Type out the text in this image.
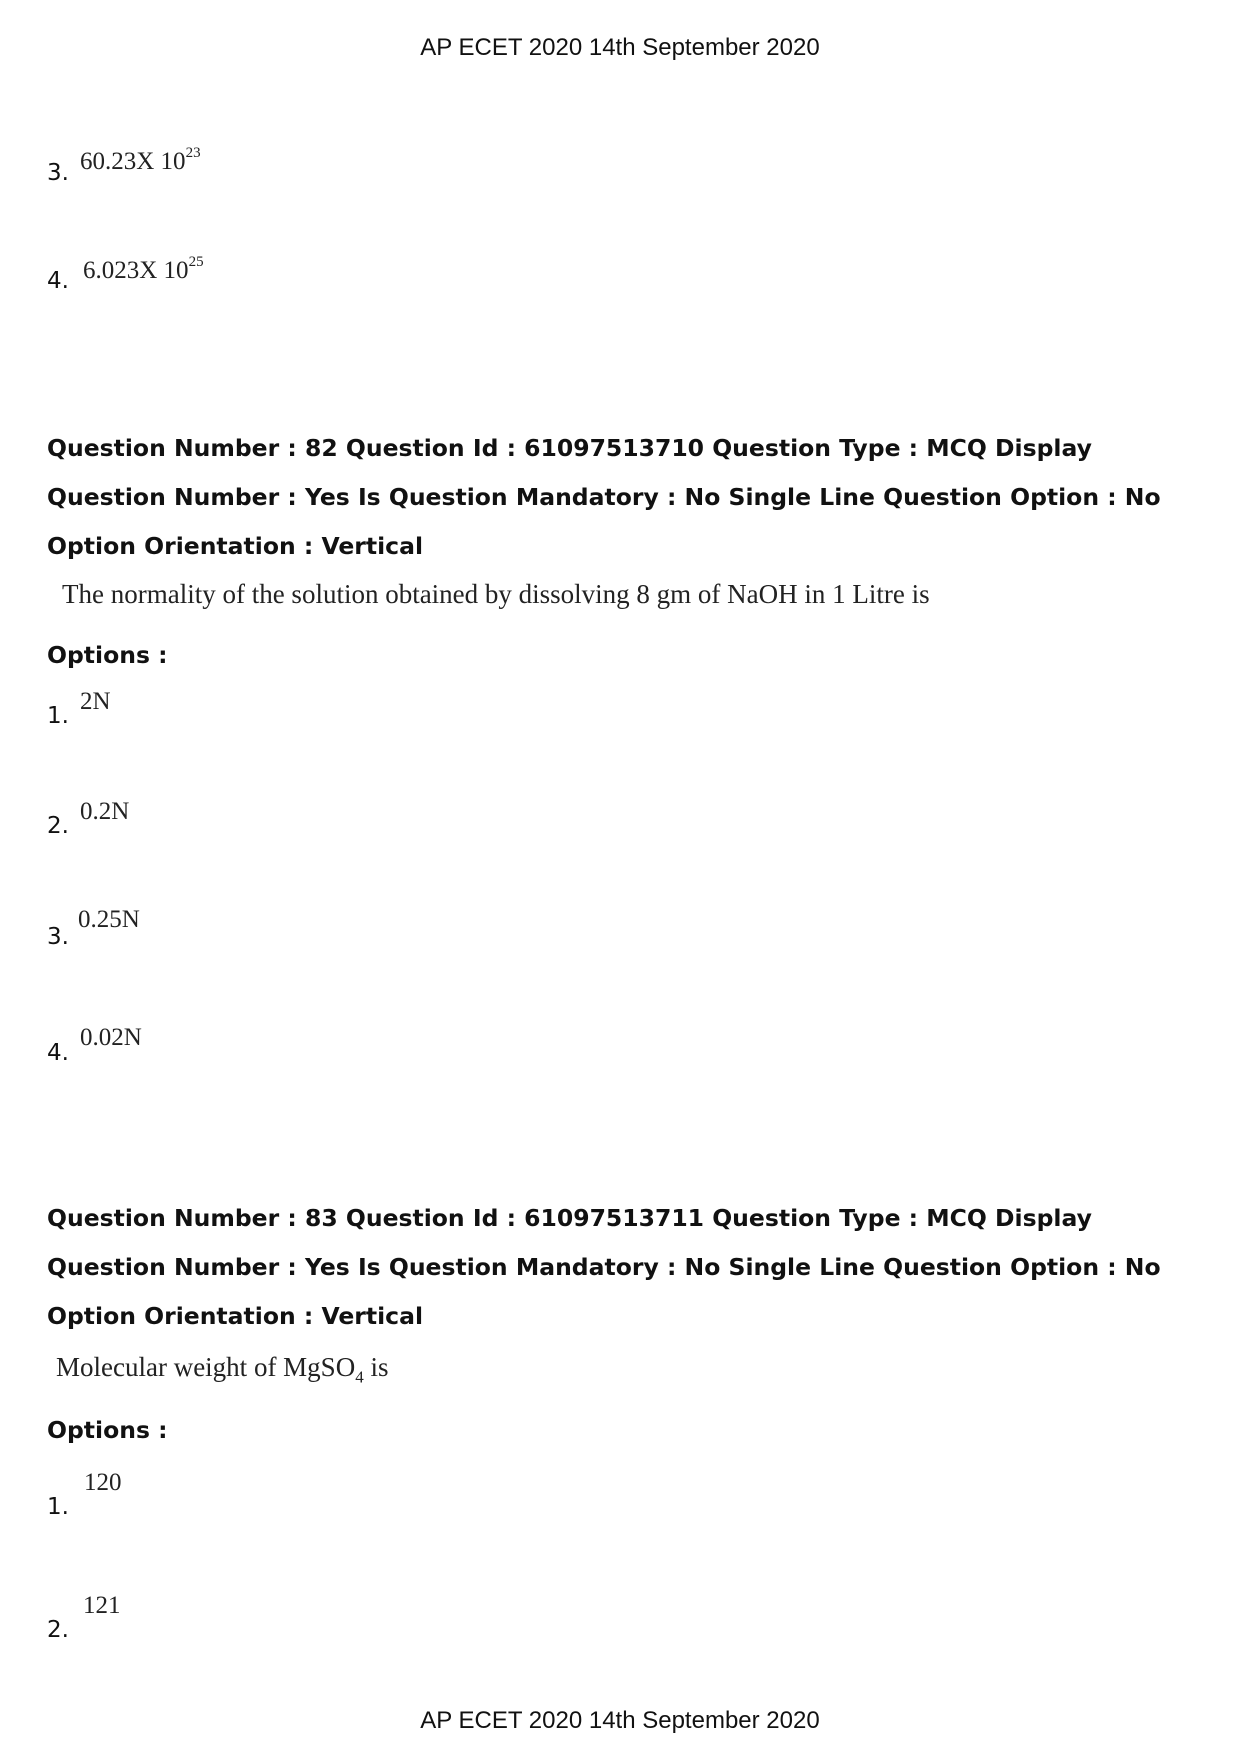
AP ECET 2020 14th September 2020
3. 60.23X $10^{23}$
4. 6.023X $10^{25}$
Question Number : 82 Question Id : 61097513710 Question Type : MCQ Display Question Number : Yes Is Question Mandatory : No Single Line Question Option : No Option Orientation : Vertical
The normality of the solution obtained by dissolving 8 gm of NaOH in 1 Litre is
Options :
1.
2N
2.
0.2N
3.
0.25N
4.
0.02N
Question Number : 83 Question Id : 61097513711 Question Type : MCQ Display Question Number : Yes Is Question Mandatory : No Single Line Question Option : No Option Orientation : Vertical
Molecular weight of MgSO$_4$ is
Options :
1.
120
2.
121
AP ECET 2020 14th September 2020
